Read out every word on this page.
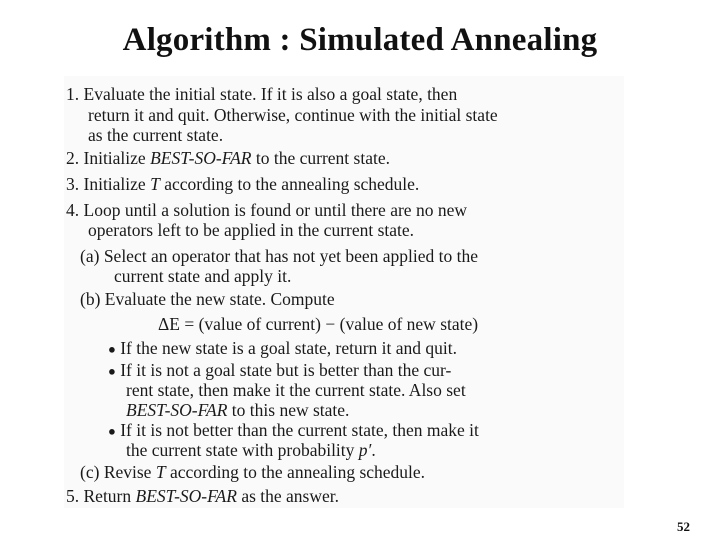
Algorithm : Simulated Annealing
1. Evaluate the initial state. If it is also a goal state, then
return it and quit. Otherwise, continue with the initial state
as the current state.
2. Initialize BEST-SO-FAR to the current state.
3. Initialize T according to the annealing schedule.
4. Loop until a solution is found or until there are no new
operators left to be applied in the current state.
(a) Select an operator that has not yet been applied to the
current state and apply it.
(b) Evaluate the new state. Compute
ΔE = (value of current) − (value of new state)
● If the new state is a goal state, return it and quit.
● If it is not a goal state but is better than the cur-
rent state, then make it the current state. Also set
BEST-SO-FAR to this new state.
● If it is not better than the current state, then make it
the current state with probability p′.
(c) Revise T according to the annealing schedule.
5. Return BEST-SO-FAR as the answer.
52
